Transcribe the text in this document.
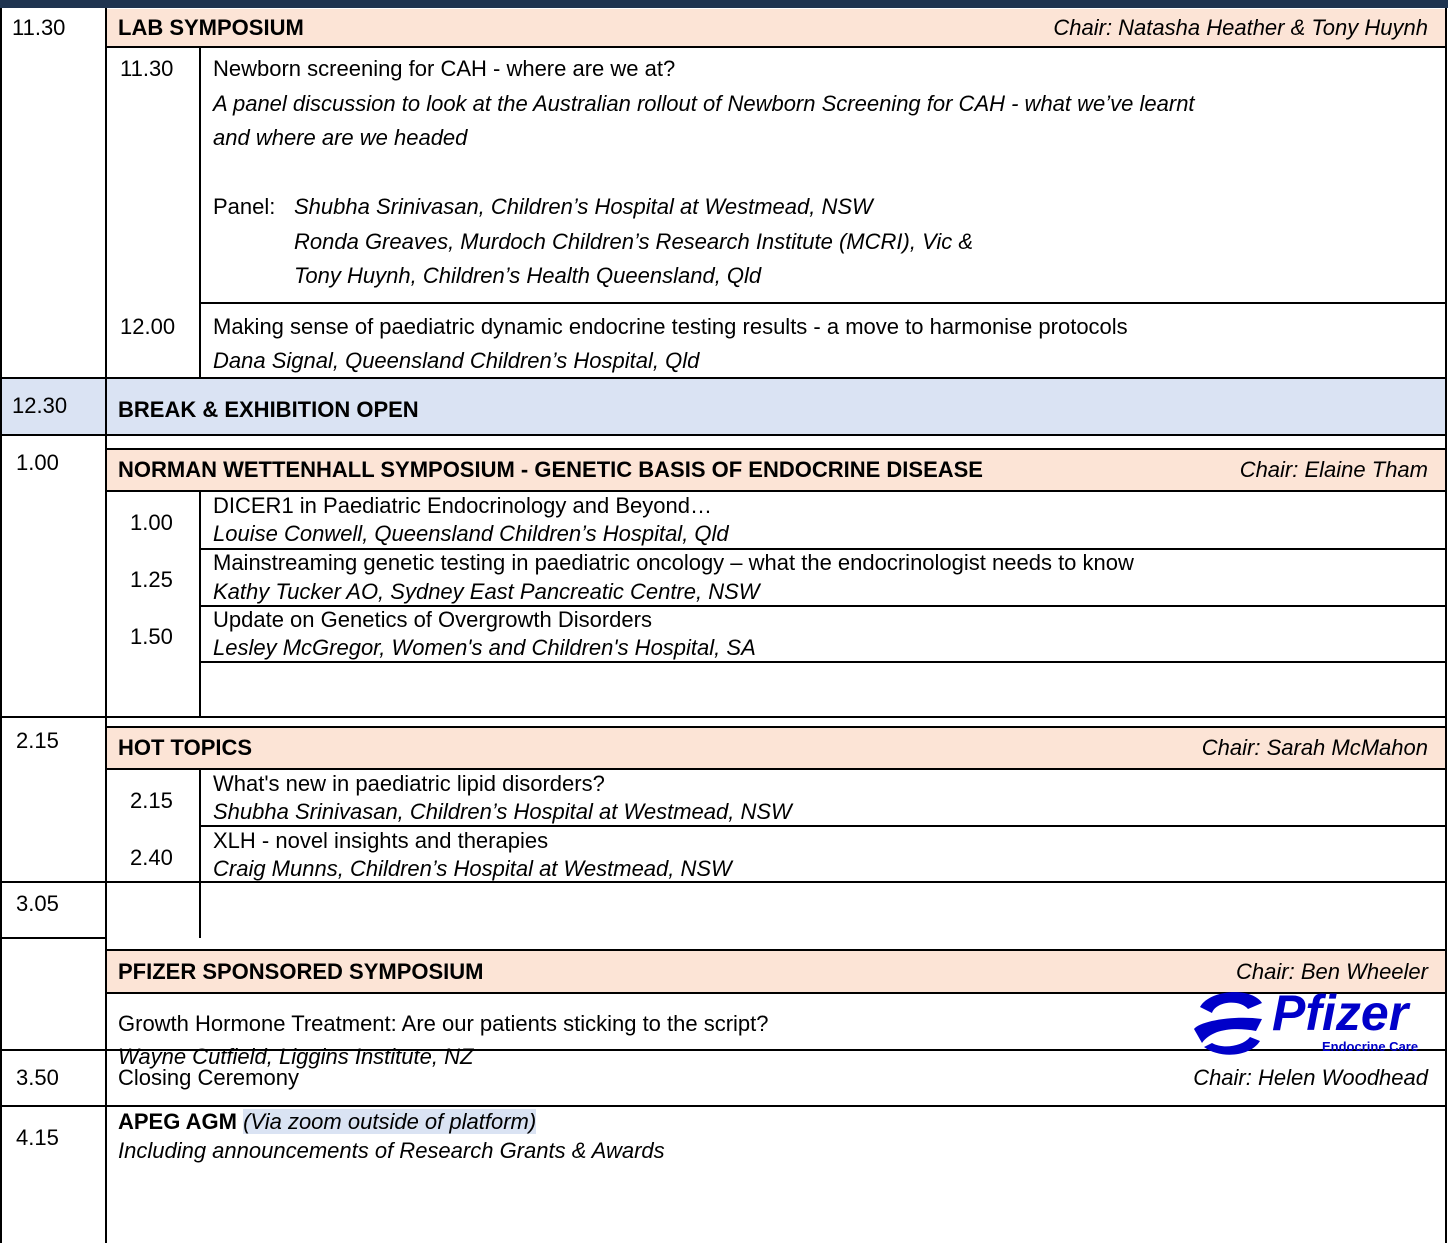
11.30 LAB SYMPOSIUM	Chair: Natasha Heather & Tony Huynh
11.30 Newborn screening for CAH - where are we at?
A panel discussion to look at the Australian rollout of Newborn Screening for CAH - what we’ve learnt
and where are we headed
Panel: Shubha Srinivasan, Children’s Hospital at Westmead, NSW
Ronda Greaves, Murdoch Children’s Research Institute (MCRI), Vic &
Tony Huynh, Children’s Health Queensland, Qld
12.00 Making sense of paediatric dynamic endocrine testing results - a move to harmonise protocols
Dana Signal, Queensland Children’s Hospital, Qld
12.30 BREAK & EXHIBITION OPEN
1.00	NORMAN WETTENHALL SYMPOSIUM - GENETIC BASIS OF ENDOCRINE DISEASE	Chair: Elaine Tham
1.00
DICER1 in Paediatric Endocrinology and Beyond…
Louise Conwell, Queensland Children’s Hospital, Qld
1.25
Mainstreaming genetic testing in paediatric oncology – what the endocrinologist needs to know
Kathy Tucker AO, Sydney East Pancreatic Centre, NSW
1.50
Update on Genetics of Overgrowth Disorders
Lesley McGregor, Women's and Children's Hospital, SA
2.15	HOT TOPICS	Chair: Sarah McMahon
2.15
What's new in paediatric lipid disorders?
Shubha Srinivasan, Children’s Hospital at Westmead, NSW
2.40
XLH - novel insights and therapies
Craig Munns, Children’s Hospital at Westmead, NSW
3.05
PFIZER SPONSORED SYMPOSIUM	Chair: Ben Wheeler
Growth Hormone Treatment: Are our patients sticking to the script?
Wayne Cutfield, Liggins Institute, NZ
Pfizer
Endocrine Care
3.50	Closing Ceremony	Chair: Helen Woodhead
4.15
APEG AGM (Via zoom outside of platform)
Including announcements of Research Grants & Awards
